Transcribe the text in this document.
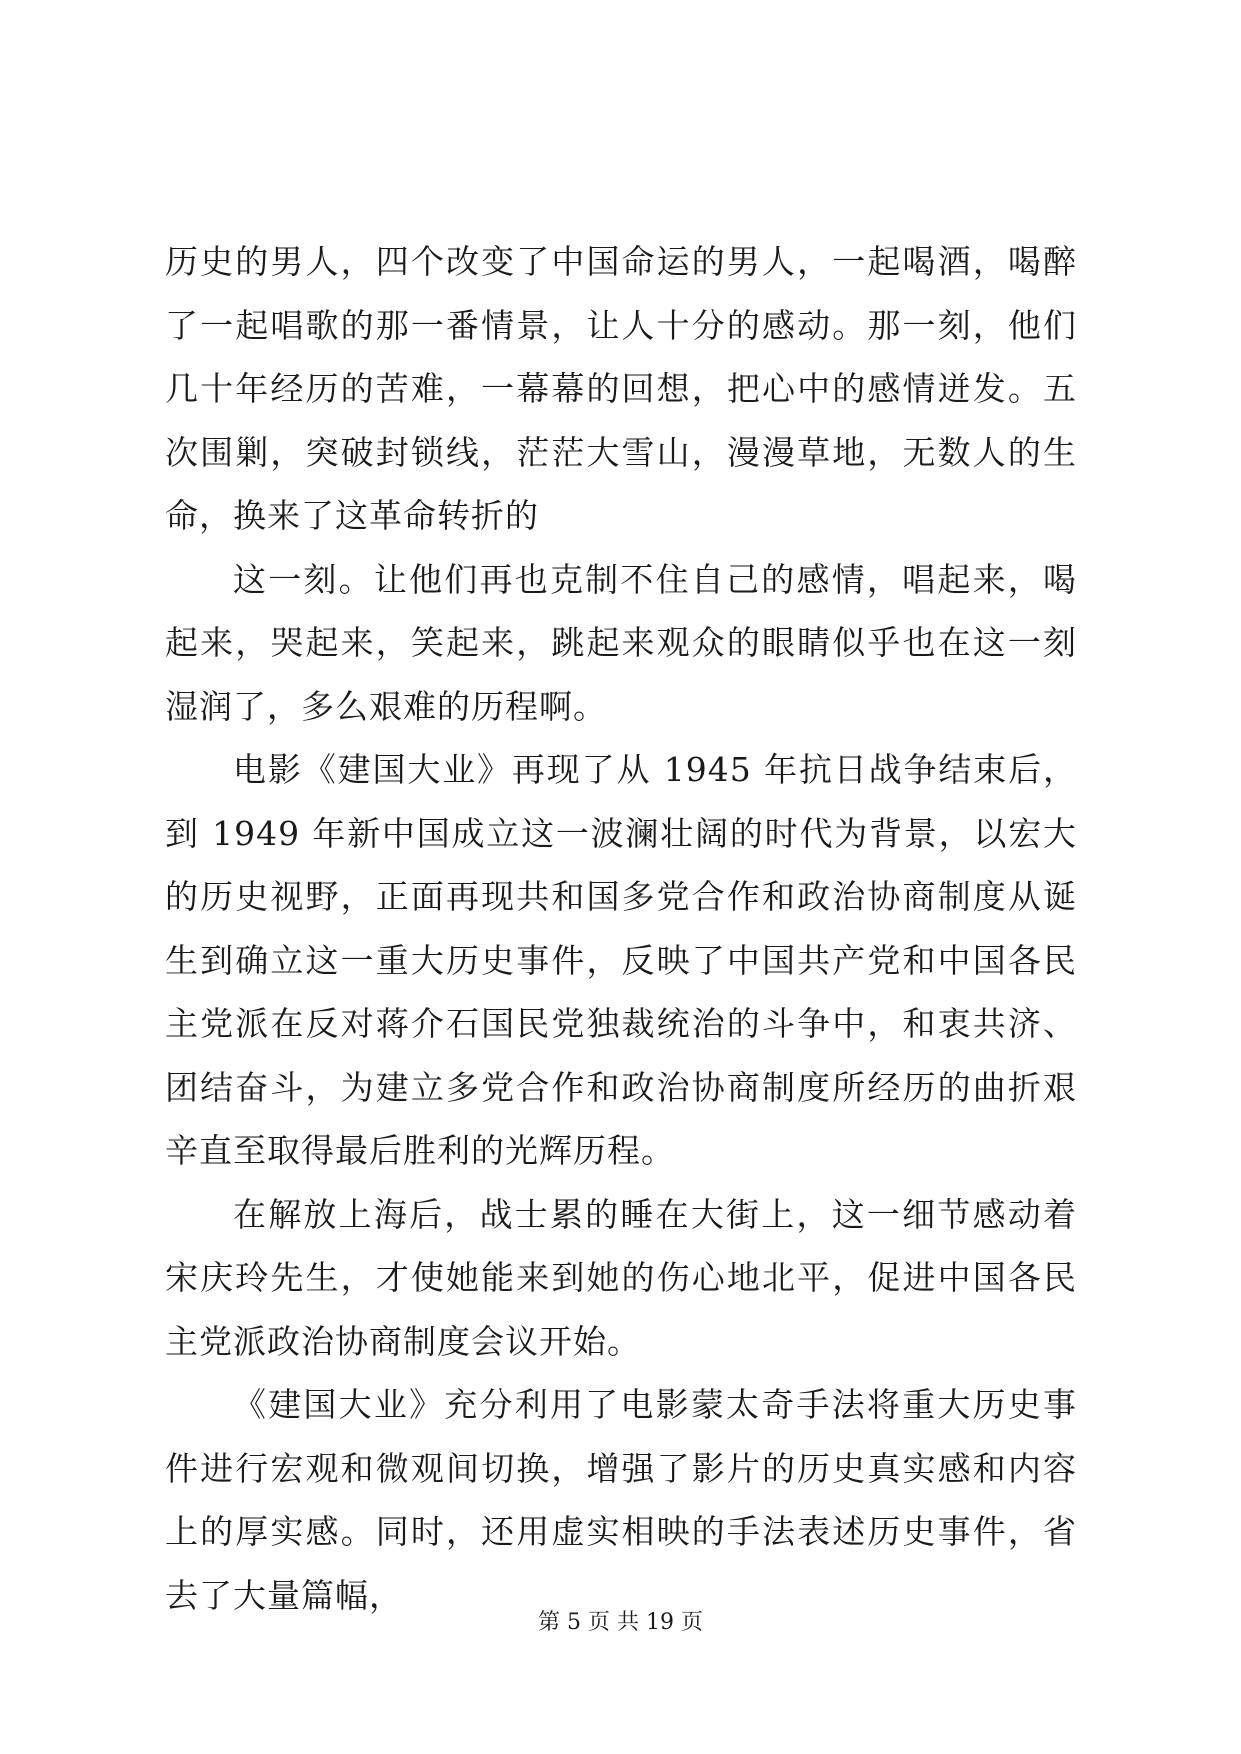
历史的男人，四个改变了中国命运的男人，一起喝酒，喝醉了一起唱歌的那一番情景，让人十分的感动。那一刻，他们几十年经历的苦难，一幕幕的回想，把心中的感情迸发。五次围剿，突破封锁线，茫茫大雪山，漫漫草地，无数人的生命，换来了这革命转折的

这一刻。让他们再也克制不住自己的感情，唱起来，喝起来，哭起来，笑起来，跳起来观众的眼睛似乎也在这一刻湿润了，多么艰难的历程啊。

电影《建国大业》再现了从 1945 年抗日战争结束后，到 1949 年新中国成立这一波澜壮阔的时代为背景，以宏大的历史视野，正面再现共和国多党合作和政治协商制度从诞生到确立这一重大历史事件，反映了中国共产党和中国各民主党派在反对蒋介石国民党独裁统治的斗争中，和衷共济、团结奋斗，为建立多党合作和政治协商制度所经历的曲折艰辛直至取得最后胜利的光辉历程。

在解放上海后，战士累的睡在大街上，这一细节感动着宋庆玲先生，才使她能来到她的伤心地北平，促进中国各民主党派政治协商制度会议开始。

《建国大业》充分利用了电影蒙太奇手法将重大历史事件进行宏观和微观间切换，增强了影片的历史真实感和内容上的厚实感。同时，还用虚实相映的手法表述历史事件，省去了大量篇幅，

第 5 页 共 19 页
